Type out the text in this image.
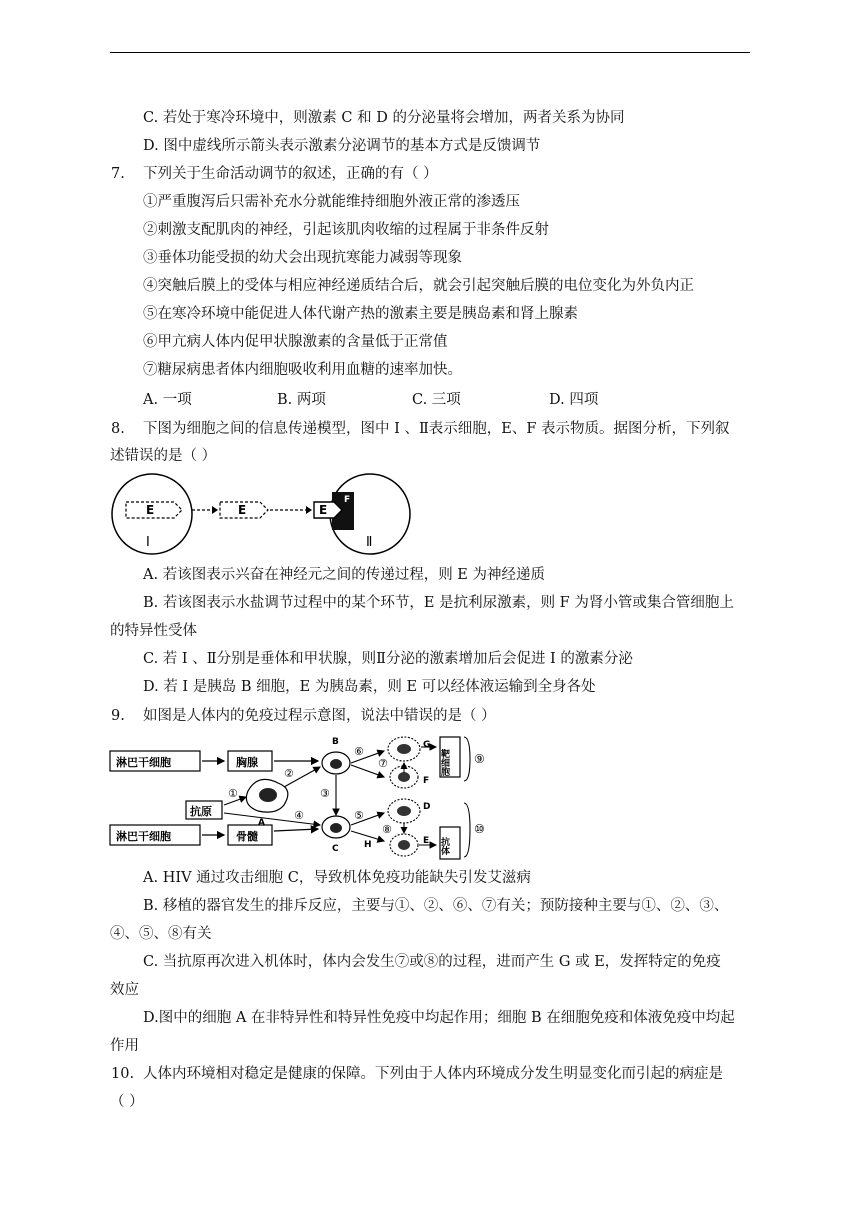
C. 若处于寒冷环境中，则激素 C 和 D 的分泌量将会增加，两者关系为协同
D. 图中虚线所示箭头表示激素分泌调节的基本方式是反馈调节
7. 下列关于生命活动调节的叙述，正确的有（ ）
①严重腹泻后只需补充水分就能维持细胞外液正常的渗透压
②刺激支配肌肉的神经，引起该肌肉收缩的过程属于非条件反射
③垂体功能受损的幼犬会出现抗寒能力减弱等现象
④突触后膜上的受体与相应神经递质结合后，就会引起突触后膜的电位变化为外负内正
⑤在寒冷环境中能促进人体代谢产热的激素主要是胰岛素和肾上腺素
⑥甲亢病人体内促甲状腺激素的含量低于正常值
⑦糖尿病患者体内细胞吸收利用血糖的速率加快。
A. 一项	B. 两项	C. 三项	D. 四项
8. 下图为细胞之间的信息传递模型，图中 I 、Ⅱ表示细胞，E、F 表示物质。据图分析，下列叙
述错误的是（ ）
E
Ⅰ
E	E
F
Ⅱ
A. 若该图表示兴奋在神经元之间的传递过程，则 E 为神经递质
B. 若该图表示水盐调节过程中的某个环节，E 是抗利尿激素，则 F 为肾小管或集合管细胞上
的特异性受体
C. 若 I 、Ⅱ分别是垂体和甲状腺，则Ⅱ分泌的激素增加后会促进 I 的激素分泌
D. 若 I 是胰岛 B 细胞，E 为胰岛素，则 E 可以经体液运输到全身各处
9. 如图是人体内的免疫过程示意图，说法中错误的是（ ）
淋巴干细胞	胸腺
B
⑥	G
F
⑦	靶细胞 ⑨
①
抗原
A
②
④
③
淋巴干细胞	骨髓
C
⑤
H
D
⑧
E 抗体
⑩
A. HIV 通过攻击细胞 C，导致机体免疫功能缺失引发艾滋病
B. 移植的器官发生的排斥反应，主要与①、②、⑥、⑦有关；预防接种主要与①、②、③、
④、⑤、⑧有关
C. 当抗原再次进入机体时，体内会发生⑦或⑧的过程，进而产生 G 或 E，发挥特定的免疫
效应
D.图中的细胞 A 在非特异性和特异性免疫中均起作用；细胞 B 在细胞免疫和体液免疫中均起
作用
10. 人体内环境相对稳定是健康的保障。下列由于人体内环境成分发生明显变化而引起的病症是
（ ）
